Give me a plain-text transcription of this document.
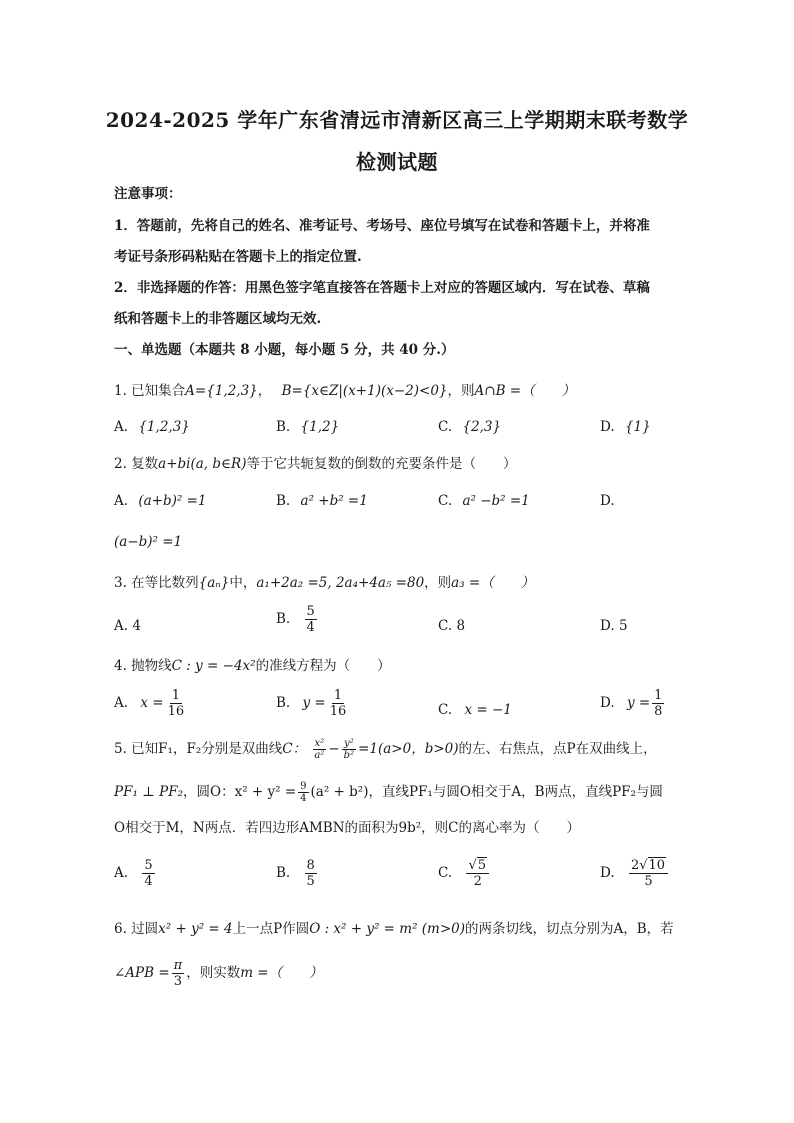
2024-2025 学年广东省清远市清新区高三上学期期末联考数学
检测试题
注意事项：
1．答题前，先将自己的姓名、准考证号、考场号、座位号填写在试卷和答题卡上，并将准
考证号条形码粘贴在答题卡上的指定位置.
2．非选择题的作答：用黑色签字笔直接答在答题卡上对应的答题区域内．写在试卷、草稿
纸和答题卡上的非答题区域均无效.
一、单选题（本题共 8 小题，每小题 5 分，共 40 分.）
1. 已知集合A={1,2,3}， B={x∈Z|(x+1)(x−2)<0}，则A∩B =（　　）
A. {1,2,3}	B. {1,2}	C. {2,3}	D. {1}
2. 复数a+bi(a, b∈R)等于它共轭复数的倒数的充要条件是（　　）
A. (a+b)² =1	B. a² +b² =1	C. a² −b² =1	D.
(a−b)² =1
3. 在等比数列{aₙ}中，a₁+2a₂ =5, 2a₄+4a₅ =80，则a₃ =（　　）
A. 4	B. $\frac{5}{4}$	C. 8	D. 5
4. 抛物线C : y = −4x²的准线方程为（　　）
A. $x = \frac{1}{16}$	B. $y = \frac{1}{16}$	C. x = −1	D. $y = \frac{1}{8}$
5. 已知F₁，F₂分别是双曲线C： $\frac{\text{x²}}{\text{a²}} - \frac{\text{y²}}{\text{b²}} =1(a>0$，b>0)的左、右焦点，点P在双曲线上，
PF₁ ⊥ PF₂，圆O：$x^2 + y^2 = \frac{9}{4} (a^2 + b^2)$，直线PF₁与圆O相交于A，B两点，直线PF₂与圆
O相交于M，N两点．若四边形AMBN的面积为9b²，则C的离心率为（　　）
A. $\frac{5}{4}$	B. $\frac{8}{5}$	C. $\frac{√5}{2}$	D. $\frac{2√10}{5}$
6. 过圆x² + y² = 4上一点P作圆O : x² + y² = m² (m>0)的两条切线，切点分别为A，B，若
∠APB = $\frac{\pi}{3}$ ，则实数m =（　　）
